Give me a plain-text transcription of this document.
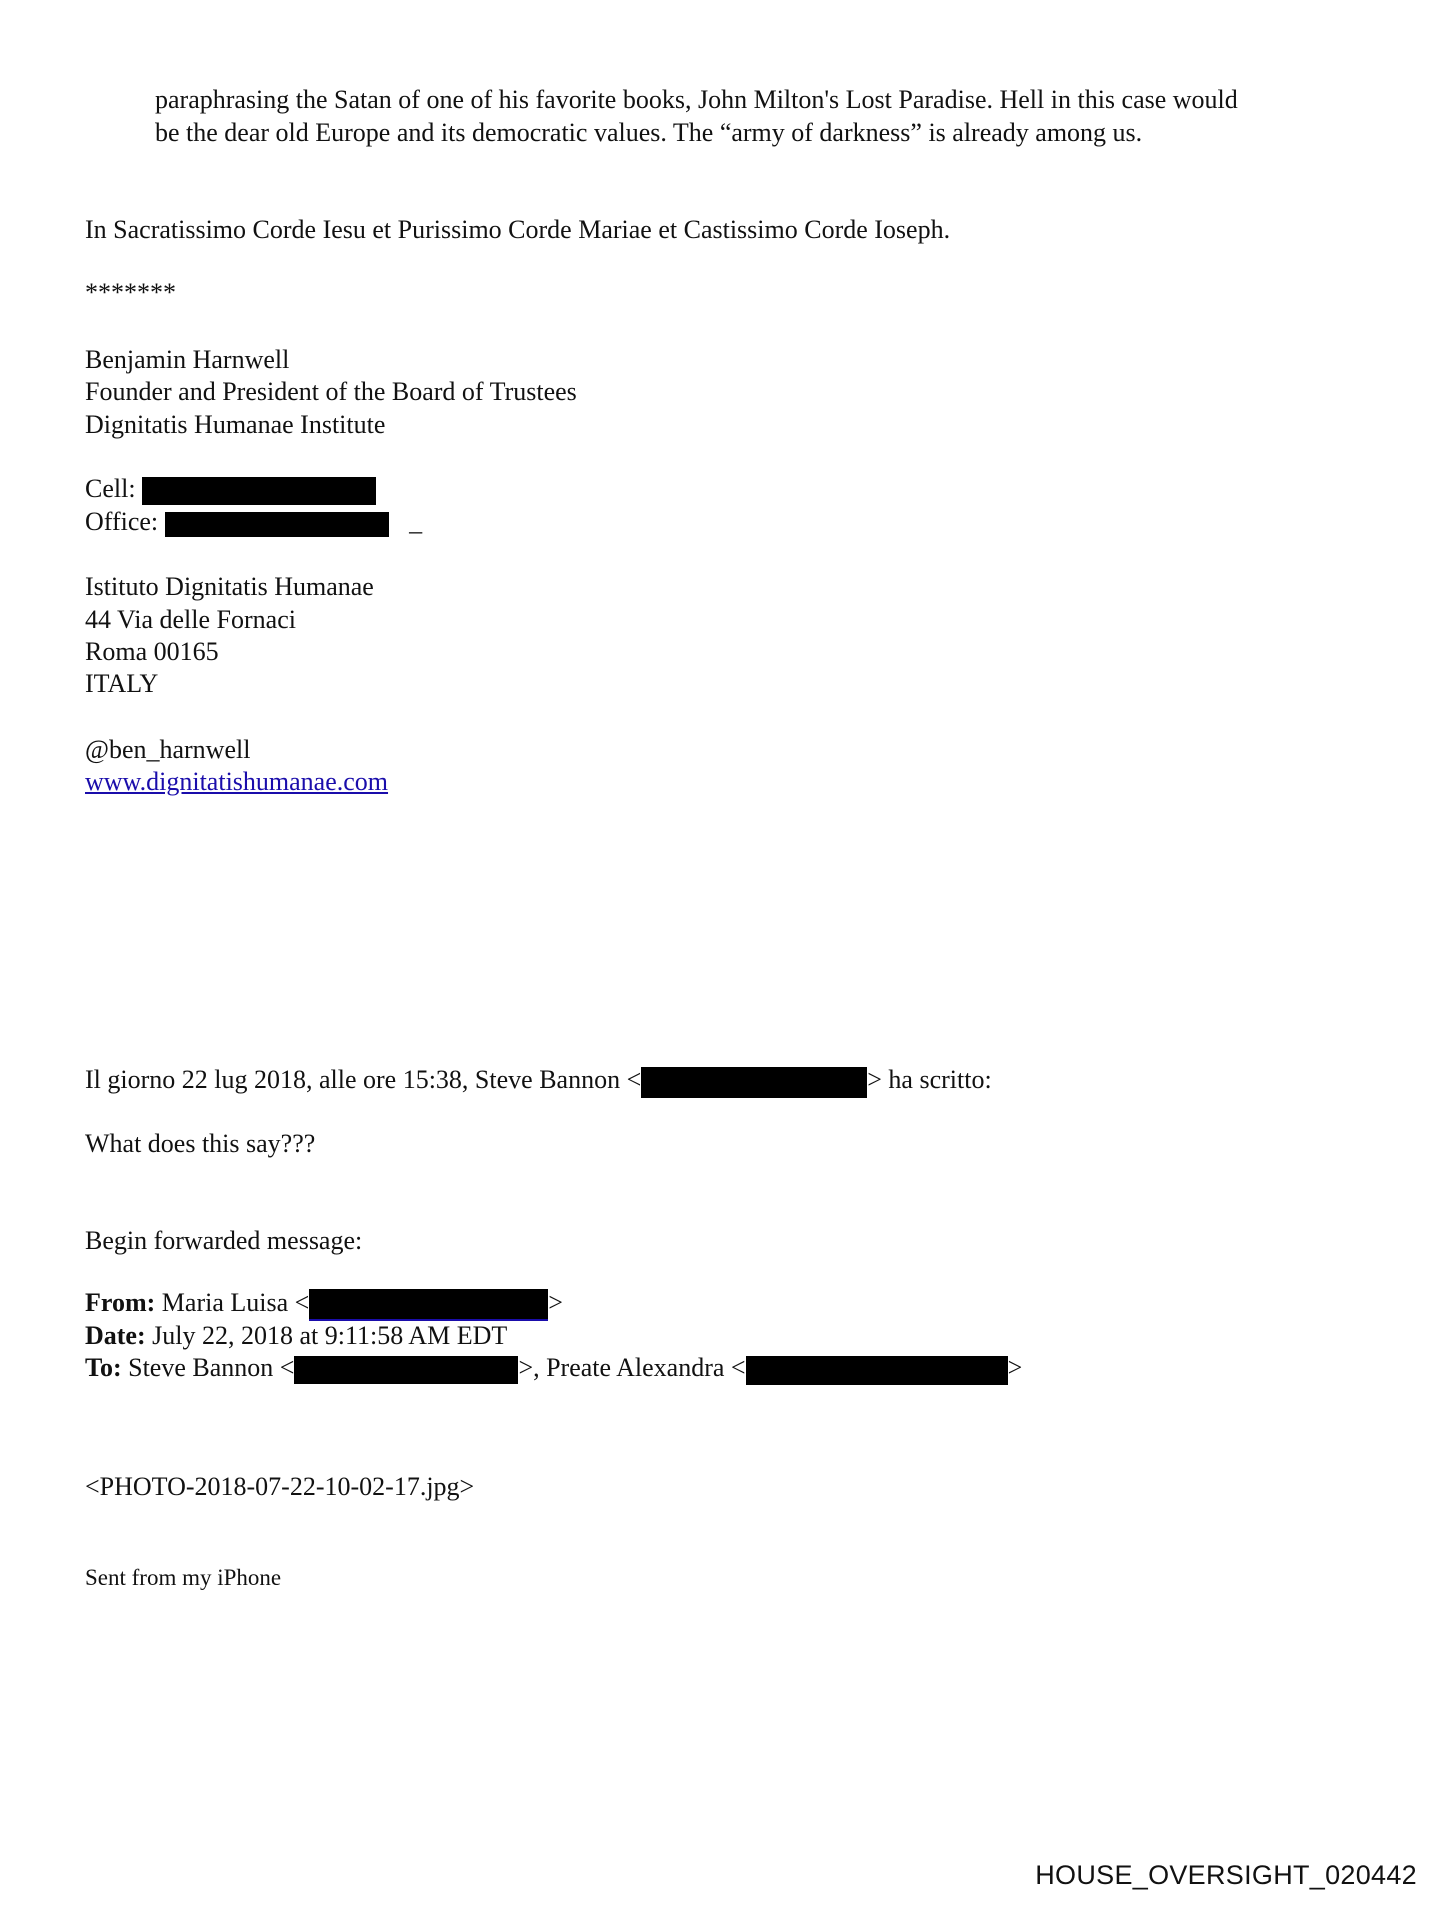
paraphrasing the Satan of one of his favorite books, John Milton's Lost Paradise. Hell in this case would
be the dear old Europe and its democratic values. The “army of darkness” is already among us.
In Sacratissimo Corde Iesu et Purissimo Corde Mariae et Castissimo Corde Ioseph.
*******
Benjamin Harnwell
Founder and President of the Board of Trustees
Dignitatis Humanae Institute
Cell:
Office:	_
Istituto Dignitatis Humanae
44 Via delle Fornaci
Roma 00165
ITALY
@ben_harnwell
www.dignitatishumanae.com
Il giorno 22 lug 2018, alle ore 15:38, Steve Bannon <	> ha scritto:
What does this say???
Begin forwarded message:
From: Maria Luisa <	>
Date: July 22, 2018 at 9:11:58 AM EDT
To: Steve Bannon <	>, Preate Alexandra <	>
<PHOTO-2018-07-22-10-02-17.jpg>
Sent from my iPhone
HOUSE_OVERSIGHT_020442
